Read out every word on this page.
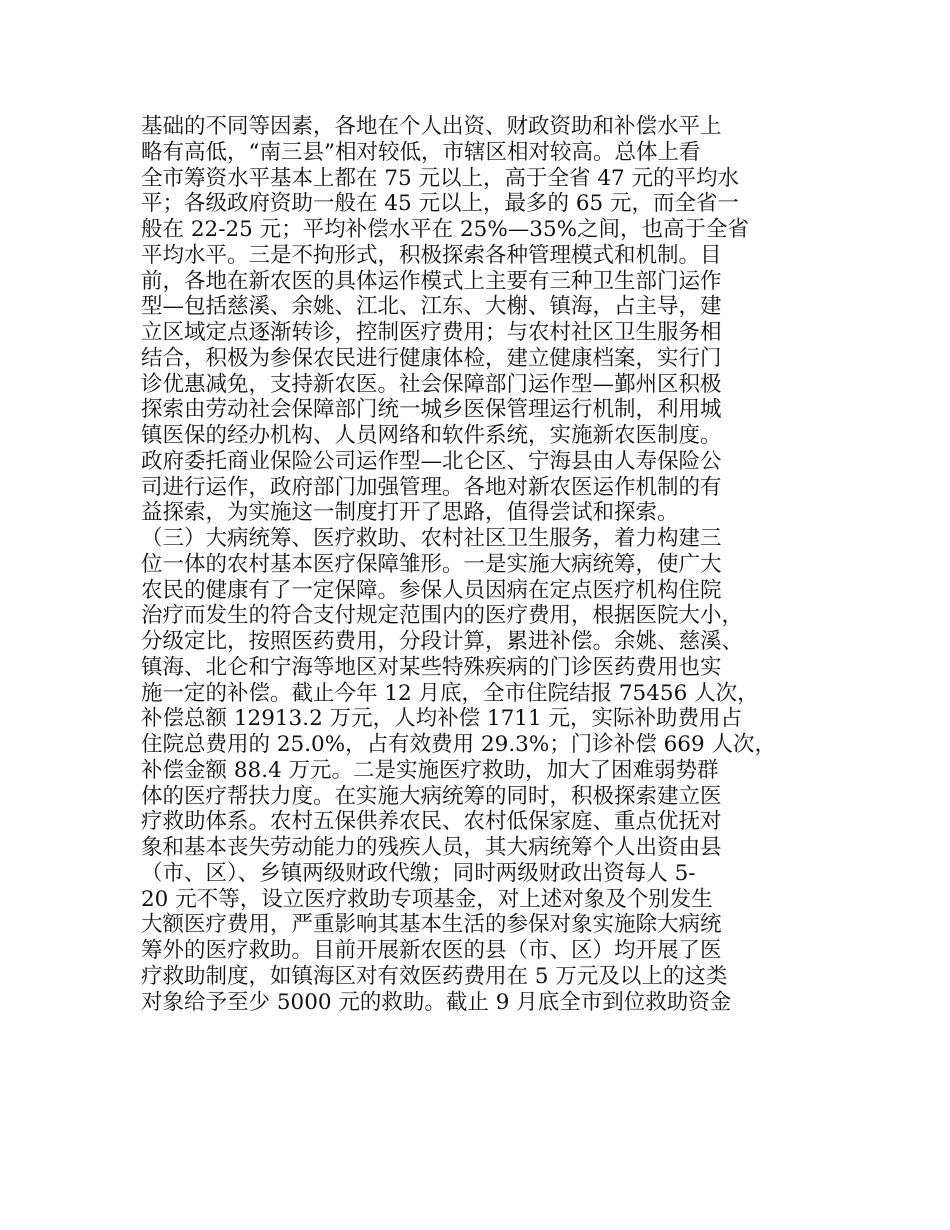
基础的不同等因素，各地在个人出资、财政资助和补偿水平上
略有高低，“南三县”相对较低，市辖区相对较高。总体上看
全市筹资水平基本上都在 75 元以上，高于全省 47 元的平均水
平；各级政府资助一般在 45 元以上，最多的 65 元，而全省一
般在 22-25 元；平均补偿水平在 25%—35%之间，也高于全省
平均水平。三是不拘形式，积极探索各种管理模式和机制。目
前，各地在新农医的具体运作模式上主要有三种卫生部门运作
型—包括慈溪、余姚、江北、江东、大榭、镇海，占主导，建
立区域定点逐渐转诊，控制医疗费用；与农村社区卫生服务相
结合，积极为参保农民进行健康体检，建立健康档案，实行门
诊优惠减免，支持新农医。社会保障部门运作型—鄞州区积极
探索由劳动社会保障部门统一城乡医保管理运行机制，利用城
镇医保的经办机构、人员网络和软件系统，实施新农医制度。
政府委托商业保险公司运作型—北仑区、宁海县由人寿保险公
司进行运作，政府部门加强管理。各地对新农医运作机制的有
益探索，为实施这一制度打开了思路，值得尝试和探索。
（三）大病统筹、医疗救助、农村社区卫生服务，着力构建三
位一体的农村基本医疗保障雏形。一是实施大病统筹，使广大
农民的健康有了一定保障。参保人员因病在定点医疗机构住院
治疗而发生的符合支付规定范围内的医疗费用，根据医院大小，
分级定比，按照医药费用，分段计算，累进补偿。余姚、慈溪、
镇海、北仑和宁海等地区对某些特殊疾病的门诊医药费用也实
施一定的补偿。截止今年 12 月底，全市住院结报 75456 人次，
补偿总额 12913.2 万元，人均补偿 1711 元，实际补助费用占
住院总费用的 25.0%，占有效费用 29.3%；门诊补偿 669 人次，
补偿金额 88.4 万元。二是实施医疗救助，加大了困难弱势群
体的医疗帮扶力度。在实施大病统筹的同时，积极探索建立医
疗救助体系。农村五保供养农民、农村低保家庭、重点优抚对
象和基本丧失劳动能力的残疾人员，其大病统筹个人出资由县
（市、区）、乡镇两级财政代缴；同时两级财政出资每人 5-
20 元不等，设立医疗救助专项基金，对上述对象及个别发生
大额医疗费用，严重影响其基本生活的参保对象实施除大病统
筹外的医疗救助。目前开展新农医的县（市、区）均开展了医
疗救助制度，如镇海区对有效医药费用在 5 万元及以上的这类
对象给予至少 5000 元的救助。截止 9 月底全市到位救助资金
